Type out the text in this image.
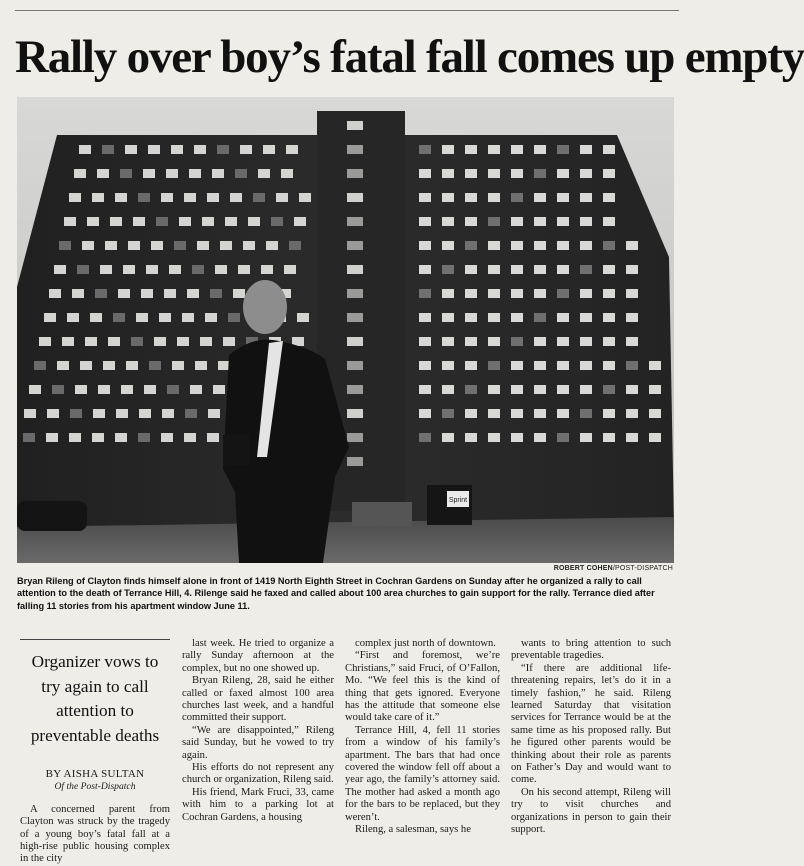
Rally over boy’s fatal fall comes up empty
Sprint
ROBERT COHEN/POST-DISPATCH
Bryan Rileng of Clayton finds himself alone in front of 1419 North Eighth Street in Cochran Gardens on Sunday after he organized a rally to call attention to the death of Terrance Hill, 4. Rilenge said he faxed and called about 100 area churches to gain support for the rally. Terrance died after falling 11 stories from his apartment window June 11.
Organizer vows to try again to call attention to preventable deaths
BY AISHA SULTAN
Of the Post-Dispatch

A concerned parent from Clayton was struck by the tragedy of a young boy’s fatal fall at a high-rise public housing complex in the city

last week. He tried to organize a rally Sunday afternoon at the complex, but no one showed up.

Bryan Rileng, 28, said he either called or faxed almost 100 area churches last week, and a handful committed their support.

“We are disappointed,” Rileng said Sunday, but he vowed to try again.

His efforts do not represent any church or organization, Rileng said.

His friend, Mark Fruci, 33, came with him to a parking lot at Cochran Gardens, a housing

complex just north of downtown.

“First and foremost, we’re Christians,” said Fruci, of O’Fallon, Mo. “We feel this is the kind of thing that gets ignored. Everyone has the attitude that someone else would take care of it.”

Terrance Hill, 4, fell 11 stories from a window of his family’s apartment. The bars that had once covered the window fell off about a year ago, the family’s attorney said. The mother had asked a month ago for the bars to be replaced, but they weren’t.

Rileng, a salesman, says he

wants to bring attention to such preventable tragedies.

“If there are additional life-threatening repairs, let’s do it in a timely fashion,” he said. Rileng learned Saturday that visitation services for Terrance would be at the same time as his proposed rally. But he figured other parents would be thinking about their role as parents on Father’s Day and would want to come.

On his second attempt, Rileng will try to visit churches and organizations in person to gain their support.
